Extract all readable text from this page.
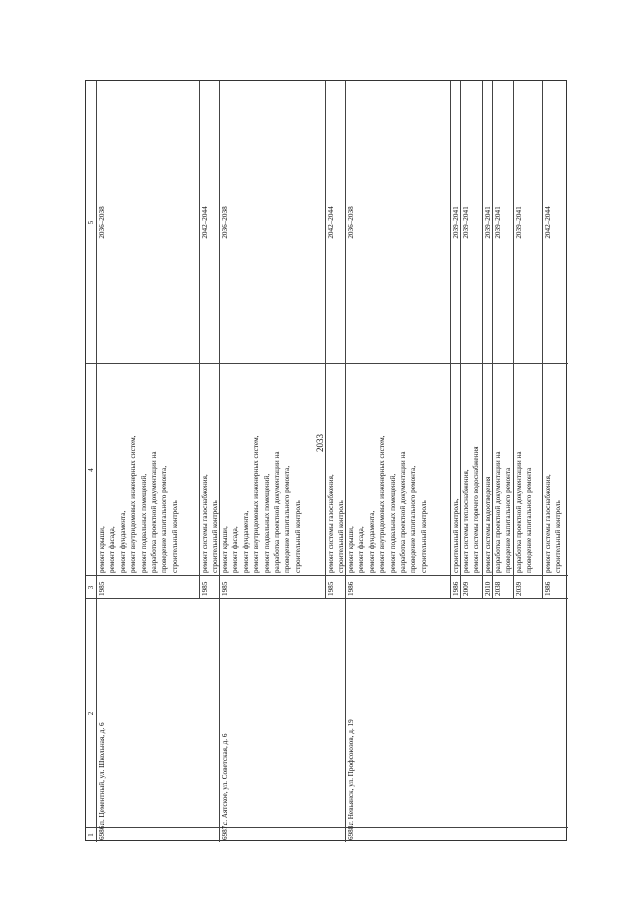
2033
1
2
3
4
5
6986.
п. Цементный, ул. Школьная, д. 6
1985
ремонт крыши,
ремонт фасада,
ремонт фундамента,
ремонт внутридомовых инженерных систем,
ремонт подвальных помещений,
разработка проектной документации на
проведение капитального ремонта,
строительный контроль
2036–2038
1985
ремонт системы газоснабжения,
строительный контроль
2042–2044
6987.
с. Аятское, ул. Советская, д. 6
1985
ремонт крыши,
ремонт фасада,
ремонт фундамента,
ремонт внутридомовых инженерных систем,
ремонт подвальных помещений,
разработка проектной документации на
проведение капитального ремонта,
строительный контроль
2036–2038
1985
ремонт системы газоснабжения,
строительный контроль
2042–2044
6988.
г. Невьянск, ул. Профсоюзов, д. 19
1986
ремонт крыши,
ремонт фасада,
ремонт фундамента,
ремонт внутридомовых инженерных систем,
ремонт подвальных помещений,
разработка проектной документации на
проведение капитального ремонта,
строительный контроль
2036–2038
1986
строительный контроль,
2039–2041
2009
ремонт системы теплоснабжения,
ремонт системы горячего водоснабжения
2039–2041
2010
ремонт системы водоотведения
2039–2041
2038
разработка проектной документации на
проведение капитального ремонта
2039–2041
2039
разработка проектной документации на
проведение капитального ремонта
2039–2041
1986
ремонт системы газоснабжения,
строительный контроль
2042–2044
